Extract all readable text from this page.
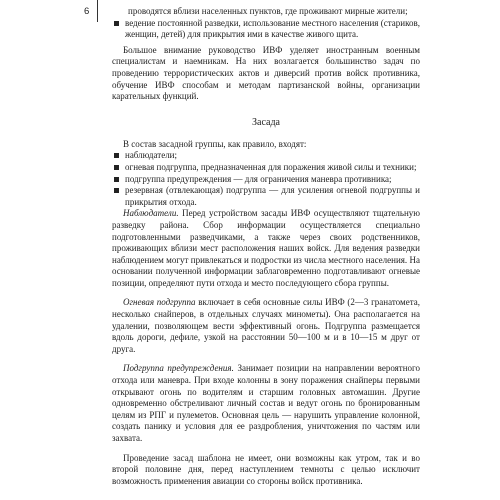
6	проводятся вблизи населенных пунктов, где проживают мирные жители;

ведение постоянной разведки, использование местного населения (стариков, женщин, детей) для прикрытия ими в качестве живого щита.

Большое внимание руководство ИВФ уделяет иностранным военным специалистам и наемникам. На них возлагается большинство задач по проведению террористических актов и диверсий против войск противника, обучение ИВФ способам и методам партизанской войны, организации карательных функций.

Засада

В состав засадной группы, как правило, входят:

наблюдатели;
огневая подгруппа, предназначенная для поражения живой силы и техники;
подгруппа предупреждения — для ограничения маневра противника;
резервная (отвлекающая) подгруппа — для усиления огневой подгруппы и прикрытия отхода.

Наблюдатели. Перед устройством засады ИВФ осуществляют тщательную разведку района. Сбор информации осуществляется специально подготовленными разведчиками, а также через своих родственников, проживающих вблизи мест расположения наших войск. Для ведения разведки наблюдением могут привлекаться и подростки из числа местного населения. На основании полученной информации заблаговременно подготавливают огневые позиции, определяют пути отхода и место последующего сбора группы.

Огневая подгруппа включает в себя основные силы ИВФ (2—3 гранатомета, несколько снайперов, в отдельных случаях минометы). Она располагается на удалении, позволяющем вести эффективный огонь. Подгруппа размещается вдоль дороги, дефиле, узкой на расстоянии 50—100 м и в 10—15 м друг от друга.

Подгруппа предупреждения. Занимает позиции на направлении вероятного отхода или маневра. При входе колонны в зону поражения снайперы первыми открывают огонь по водителям и старшим головных автомашин. Другие одновременно обстреливают личный состав и ведут огонь по бронированным целям из РПГ и пулеметов. Основная цель — нарушить управление колонной, создать панику и условия для ее раздробления, уничтожения по частям или захвата.

Проведение засад шаблона не имеет, они возможны как утром, так и во второй половине дня, перед наступлением темноты с целью исключит возможность применения авиации со стороны войск противника.
